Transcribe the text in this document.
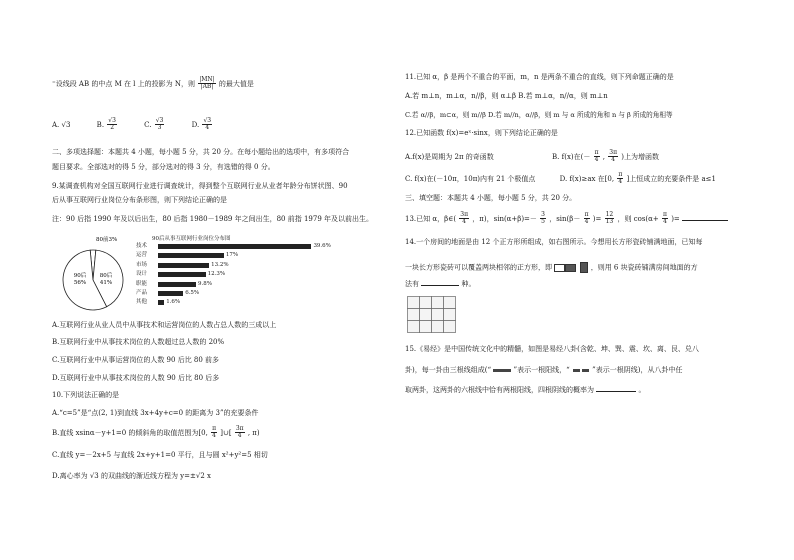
⁼设线段 AB 的中点 M 在 l 上的投影为 N，则 $\frac{|MN|}{|AB|}$ 的最大值是
A. √3	B. $\frac{√3}{2}$	C. $\frac{√3}{3}$	D. $\frac{√3}{4}$
二、多项选择题：本题共 4 小题，每小题 5 分，共 20 分。在每小题给出的选项中，有多项符合
题目要求。全部选对的得 5 分，部分选对的得 3 分，有选错的得 0 分。
9.某调查机构对全国互联网行业进行调查统计，得到整个互联网行业从业者年龄分布饼状图、90
后从事互联网行业岗位分布条形图，则下列结论正确的是
注：90 后指 1990 年及以后出生，80 后指 1980－1989 年之间出生，80 前指 1979 年及以前出生。
80前3%
80后
41%
90后
56%
90后从事互联网行业岗位分布图
技术	39.6%
运营	17%
市场	13.2%
设计	12.3%
职能	9.8%
产品	6.5%
其他	1.6%
A.互联网行业从业人员中从事技术和运营岗位的人数占总人数的三成以上
B.互联网行业中从事技术岗位的人数超过总人数的 20%
C.互联网行业中从事运营岗位的人数 90 后比 80 前多
D.互联网行业中从事技术岗位的人数 90 后比 80 后多
10.下列说法正确的是
A.“c=5”是“点(2, 1)到直线 3x+4y+c=0 的距离为 3”的充要条件
B.直线 xsinα－y+1=0 的倾斜角的取值范围为[0, $\frac{\pi}{4}$ ]∪[ $\frac{3\pi}{4}$ , π)
C.直线 y=－2x+5 与直线 2x+y+1=0 平行，且与圆 x²+y²=5 相切
D.离心率为 √3 的双曲线的渐近线方程为 y=±√2 x
11.已知 α，β 是两个不重合的平面，m，n 是两条不重合的直线，则下列命题正确的是
A.若 m⊥n，m⊥α，n//β，则 α⊥β B.若 m⊥α，n//α，则 m⊥n
C.若 α//β，m⊂α，则 m//β D.若 m//n，α//β，则 m 与 α 所成的角和 n 与 β 所成的角相等
12.已知函数 f(x)=eˣ·sinx，则下列结论正确的是
A.f(x)是周期为 2π 的奇函数	B. f(x)在(－ $\frac{\pi}{4}$ , $\frac{3\pi}{4}$ )上为增函数
C. f(x)在(－10π，10π)内有 21 个极值点	D. f(x)≥ax 在[0, $\frac{\pi}{4}$ ]上恒成立的充要条件是 a≤1
三、填空题：本题共 4 小题，每小题 5 分，共 20 分。
13.已知 α，β∈( $\frac{3\pi}{4}$ ，π)，$\sin(\alpha+\beta)=- \frac{3}{5}$ ，$\sin(\beta- \frac{\pi}{4}$ )= $\frac{12}{13}$ ，则 $\cos(\alpha+ \frac{\pi}{4}$ )=
14.一个房间的地面是由 12 个正方形所组成，如右图所示。今想用长方形瓷砖铺满地面，已知每
一块长方形瓷砖可以覆盖两块相邻的正方形，即	，则用 6 块瓷砖铺满房间地面的方
法有	种。
15.《易经》是中国传统文化中的精髓，如图是易经八卦(含乾、坤、巽、震、坎、离、艮、兑八
卦)，每一卦由三根线组成(“	”表示一根阳线，“	”表示一根阴线)，从八卦中任
取两卦，这两卦的六根线中恰有两根阳线，四根阴线的概率为	。
